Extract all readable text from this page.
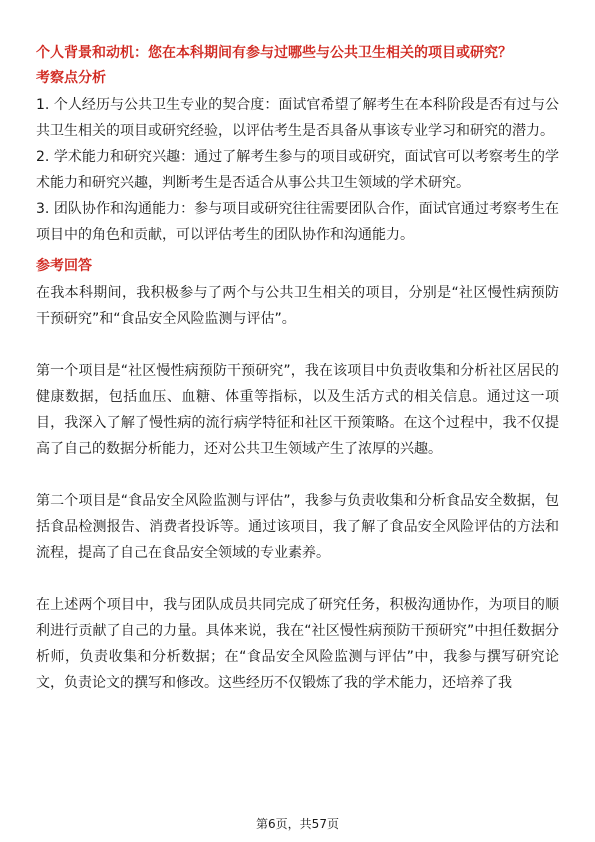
个人背景和动机：您在本科期间有参与过哪些与公共卫生相关的项目或研究？
考察点分析
1. 个人经历与公共卫生专业的契合度：面试官希望了解考生在本科阶段是否有过与公共卫生相关的项目或研究经验，以评估考生是否具备从事该专业学习和研究的潜力。
2. 学术能力和研究兴趣：通过了解考生参与的项目或研究，面试官可以考察考生的学术能力和研究兴趣，判断考生是否适合从事公共卫生领域的学术研究。
3. 团队协作和沟通能力：参与项目或研究往往需要团队合作，面试官通过考察考生在项目中的角色和贡献，可以评估考生的团队协作和沟通能力。
参考回答

在我本科期间，我积极参与了两个与公共卫生相关的项目，分别是“社区慢性病预防干预研究”和“食品安全风险监测与评估”。

第一个项目是“社区慢性病预防干预研究”，我在该项目中负责收集和分析社区居民的健康数据，包括血压、血糖、体重等指标，以及生活方式的相关信息。通过这一项目，我深入了解了慢性病的流行病学特征和社区干预策略。在这个过程中，我不仅提高了自己的数据分析能力，还对公共卫生领域产生了浓厚的兴趣。

第二个项目是“食品安全风险监测与评估”，我参与负责收集和分析食品安全数据，包括食品检测报告、消费者投诉等。通过该项目，我了解了食品安全风险评估的方法和流程，提高了自己在食品安全领域的专业素养。

在上述两个项目中，我与团队成员共同完成了研究任务，积极沟通协作，为项目的顺利进行贡献了自己的力量。具体来说，我在“社区慢性病预防干预研究”中担任数据分析师，负责收集和分析数据；在“食品安全风险监测与评估”中，我参与撰写研究论文，负责论文的撰写和修改。这些经历不仅锻炼了我的学术能力，还培养了我

第6页，共57页
